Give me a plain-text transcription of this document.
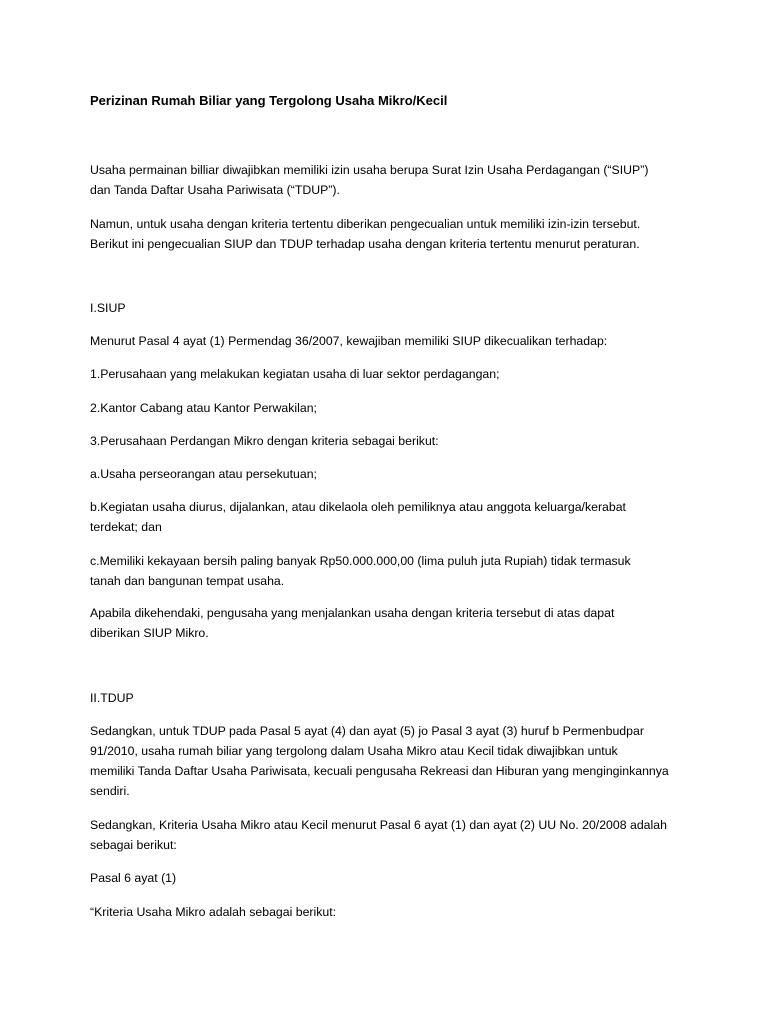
Perizinan Rumah Biliar yang Tergolong Usaha Mikro/Kecil

Usaha permainan billiar diwajibkan memiliki izin usaha berupa Surat Izin Usaha Perdagangan (“SIUP”)
dan Tanda Daftar Usaha Pariwisata (“TDUP”).

Namun, untuk usaha dengan kriteria tertentu diberikan pengecualian untuk memiliki izin-izin tersebut.
Berikut ini pengecualian SIUP dan TDUP terhadap usaha dengan kriteria tertentu menurut peraturan.

I.SIUP

Menurut Pasal 4 ayat (1) Permendag 36/2007, kewajiban memiliki SIUP dikecualikan terhadap:

1.Perusahaan yang melakukan kegiatan usaha di luar sektor perdagangan;

2.Kantor Cabang atau Kantor Perwakilan;

3.Perusahaan Perdangan Mikro dengan kriteria sebagai berikut:

a.Usaha perseorangan atau persekutuan;

b.Kegiatan usaha diurus, dijalankan, atau dikelaola oleh pemiliknya atau anggota keluarga/kerabat
terdekat; dan

c.Memiliki kekayaan bersih paling banyak Rp50.000.000,00 (lima puluh juta Rupiah) tidak termasuk
tanah dan bangunan tempat usaha.

Apabila dikehendaki, pengusaha yang menjalankan usaha dengan kriteria tersebut di atas dapat
diberikan SIUP Mikro.

II.TDUP

Sedangkan, untuk TDUP pada Pasal 5 ayat (4) dan ayat (5) jo Pasal 3 ayat (3) huruf b Permenbudpar
91/2010, usaha rumah biliar yang tergolong dalam Usaha Mikro atau Kecil tidak diwajibkan untuk
memiliki Tanda Daftar Usaha Pariwisata, kecuali pengusaha Rekreasi dan Hiburan yang menginginkannya
sendiri.

Sedangkan, Kriteria Usaha Mikro atau Kecil menurut Pasal 6 ayat (1) dan ayat (2) UU No. 20/2008 adalah
sebagai berikut:

Pasal 6 ayat (1)

“Kriteria Usaha Mikro adalah sebagai berikut:
